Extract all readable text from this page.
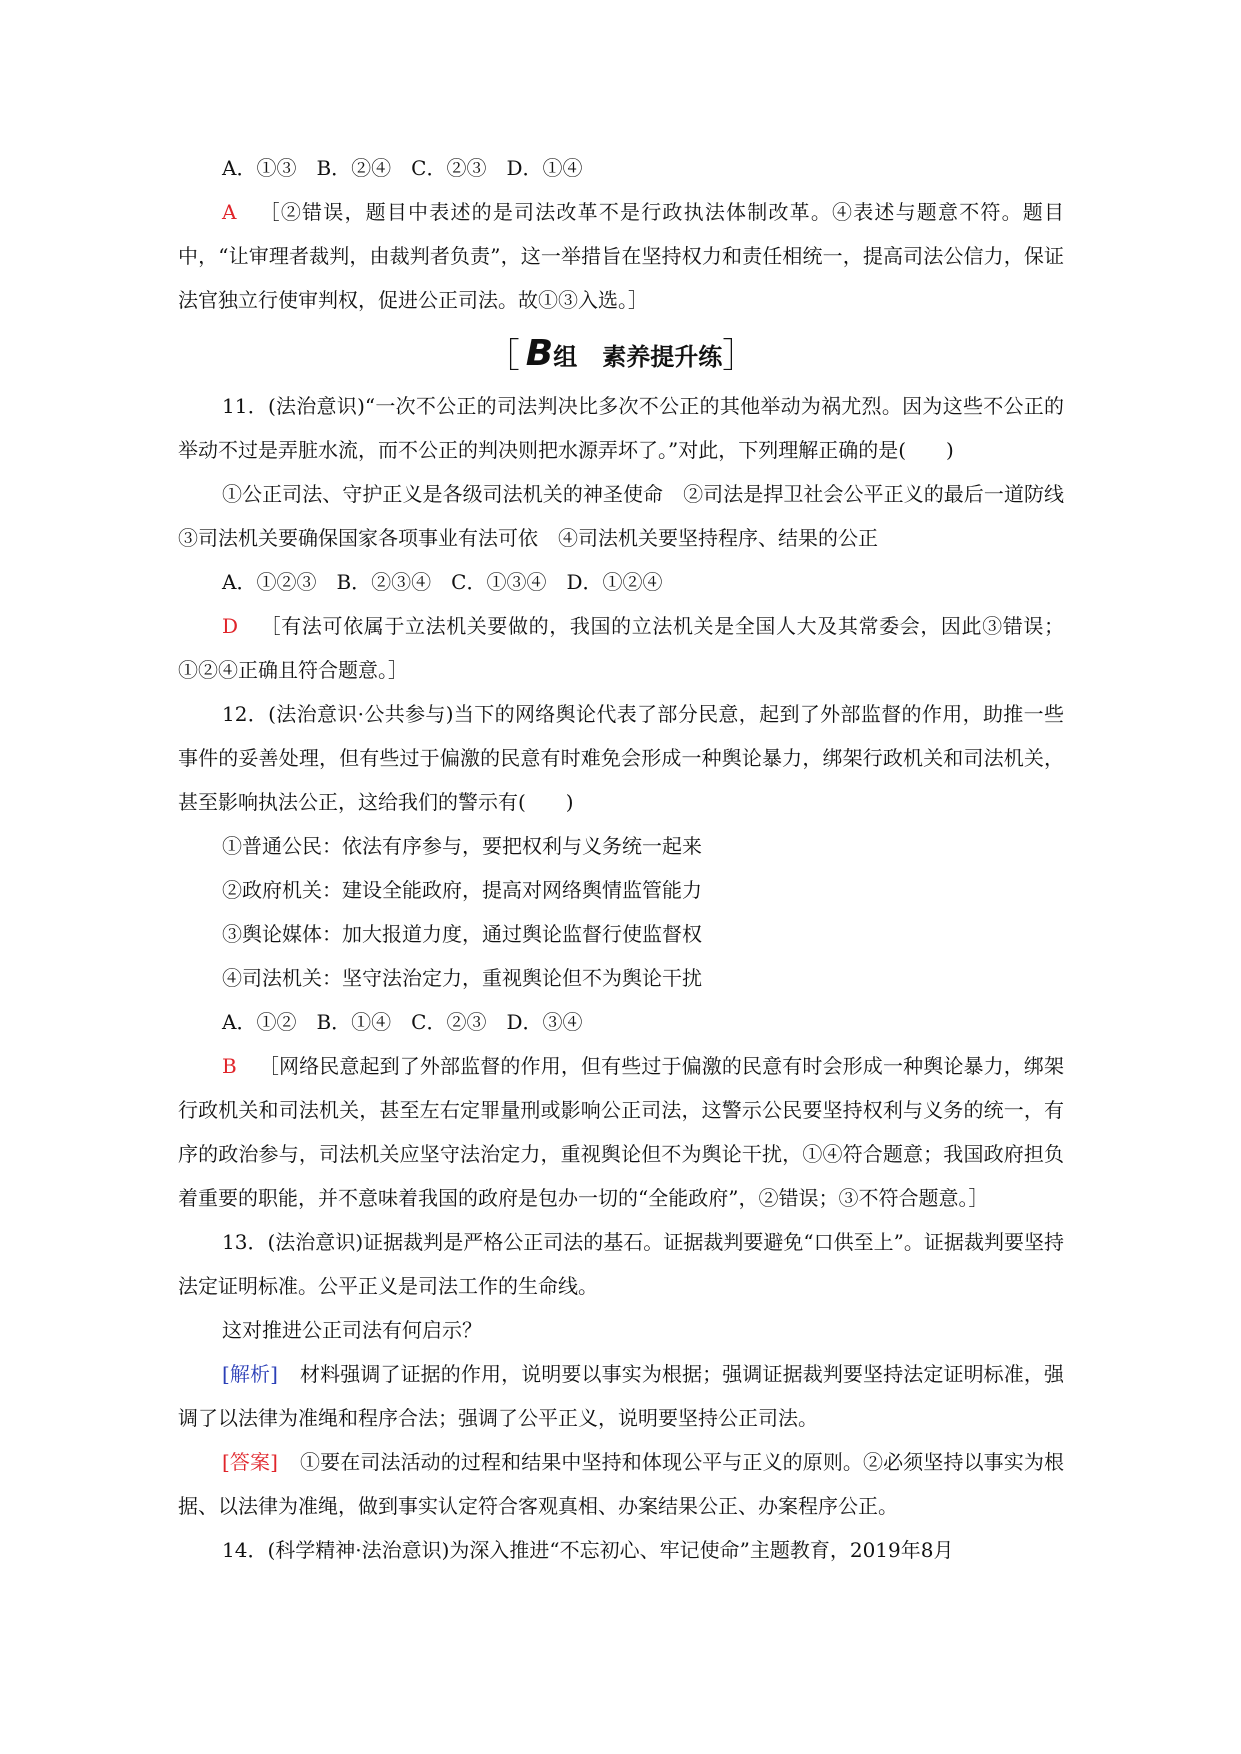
A．①③　B．②④　C．②③　D．①④

A ［②错误，题目中表述的是司法改革不是行政执法体制改革。④表述与题意不符。题目中，“让审理者裁判，由裁判者负责”，这一举措旨在坚持权力和责任相统一，提高司法公信力，保证法官独立行使审判权，促进公正司法。故①③入选。］

［ B组 素养提升练］

11．(法治意识)“一次不公正的司法判决比多次不公正的其他举动为祸尤烈。因为这些不公正的举动不过是弄脏水流，而不公正的判决则把水源弄坏了。”对此，下列理解正确的是(　　)

①公正司法、守护正义是各级司法机关的神圣使命　②司法是捍卫社会公平正义的最后一道防线　③司法机关要确保国家各项事业有法可依　④司法机关要坚持程序、结果的公正

A．①②③　B．②③④　C．①③④　D．①②④

D ［有法可依属于立法机关要做的，我国的立法机关是全国人大及其常委会，因此③错误；①②④正确且符合题意。］

12．(法治意识·公共参与)当下的网络舆论代表了部分民意，起到了外部监督的作用，助推一些事件的妥善处理，但有些过于偏激的民意有时难免会形成一种舆论暴力，绑架行政机关和司法机关，甚至影响执法公正，这给我们的警示有(　　)

①普通公民：依法有序参与，要把权利与义务统一起来

②政府机关：建设全能政府，提高对网络舆情监管能力

③舆论媒体：加大报道力度，通过舆论监督行使监督权

④司法机关：坚守法治定力，重视舆论但不为舆论干扰

A．①②　B．①④　C．②③　D．③④

B ［网络民意起到了外部监督的作用，但有些过于偏激的民意有时会形成一种舆论暴力，绑架行政机关和司法机关，甚至左右定罪量刑或影响公正司法，这警示公民要坚持权利与义务的统一，有序的政治参与，司法机关应坚守法治定力，重视舆论但不为舆论干扰，①④符合题意；我国政府担负着重要的职能，并不意味着我国的政府是包办一切的“全能政府”，②错误；③不符合题意。］

13．(法治意识)证据裁判是严格公正司法的基石。证据裁判要避免“口供至上”。证据裁判要坚持法定证明标准。公平正义是司法工作的生命线。

这对推进公正司法有何启示？

[解析] 材料强调了证据的作用，说明要以事实为根据；强调证据裁判要坚持法定证明标准，强调了以法律为准绳和程序合法；强调了公平正义，说明要坚持公正司法。

[答案] ①要在司法活动的过程和结果中坚持和体现公平与正义的原则。②必须坚持以事实为根据、以法律为准绳，做到事实认定符合客观真相、办案结果公正、办案程序公正。

14．(科学精神·法治意识)为深入推进“不忘初心、牢记使命”主题教育，2019年8月
